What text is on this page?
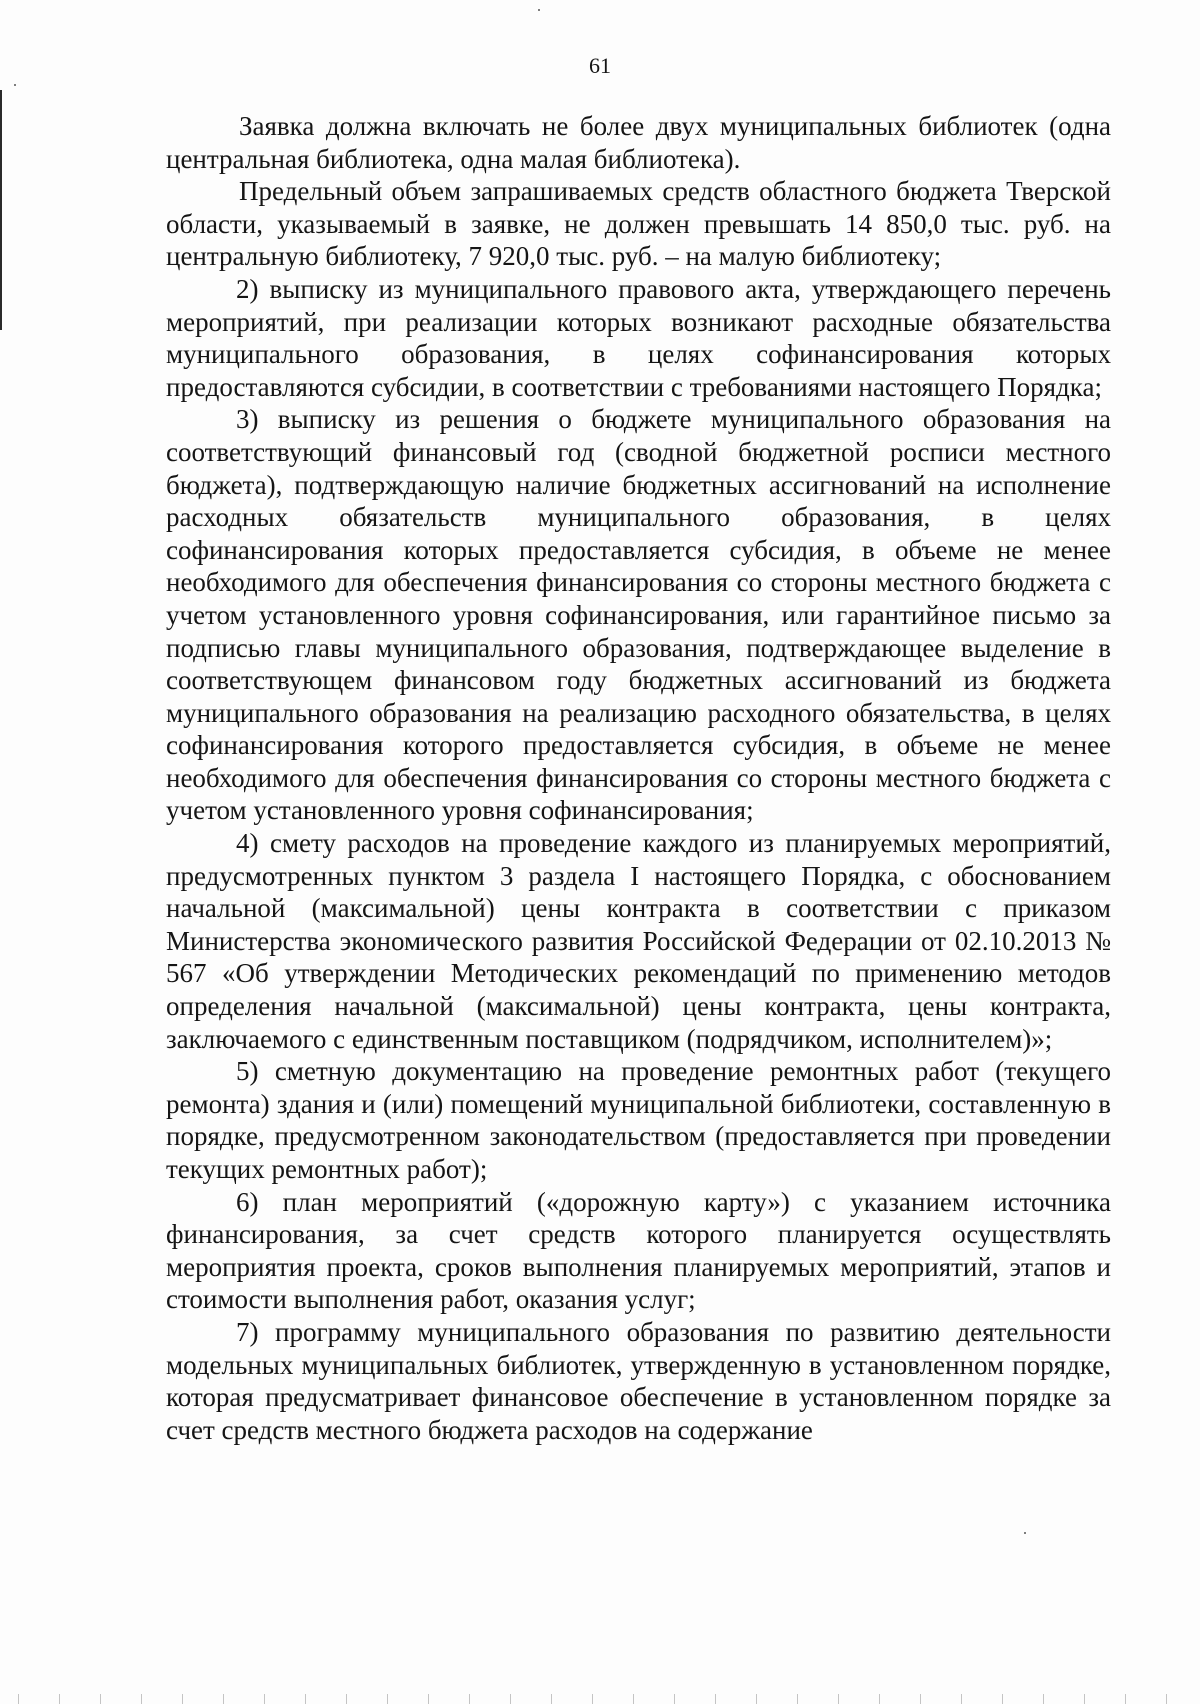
61

Заявка должна включать не более двух муниципальных библиотек (одна центральная библиотека, одна малая библиотека).

Предельный объем запрашиваемых средств областного бюджета Тверской области, указываемый в заявке, не должен превышать 14 850,0 тыс. руб. на центральную библиотеку, 7 920,0 тыс. руб. – на малую библиотеку;

2) выписку из муниципального правового акта, утверждающего перечень мероприятий, при реализации которых возникают расходные обязательства муниципального образования, в целях софинансирования которых предоставляются субсидии, в соответствии с требованиями настоящего Порядка;

3) выписку из решения о бюджете муниципального образования на соответствующий финансовый год (сводной бюджетной росписи местного бюджета), подтверждающую наличие бюджетных ассигнований на исполнение расходных обязательств муниципального образования, в целях софинансирования которых предоставляется субсидия, в объеме не менее необходимого для обеспечения финансирования со стороны местного бюджета с учетом установленного уровня софинансирования, или гарантийное письмо за подписью главы муниципального образования, подтверждающее выделение в соответствующем финансовом году бюджетных ассигнований из бюджета муниципального образования на реализацию расходного обязательства, в целях софинансирования которого предоставляется субсидия, в объеме не менее необходимого для обеспечения финансирования со стороны местного бюджета с учетом установленного уровня софинансирования;

4) смету расходов на проведение каждого из планируемых мероприятий, предусмотренных пунктом 3 раздела I настоящего Порядка, с обоснованием начальной (максимальной) цены контракта в соответствии с приказом Министерства экономического развития Российской Федерации от 02.10.2013 № 567 «Об утверждении Методических рекомендаций по применению методов определения начальной (максимальной) цены контракта, цены контракта, заключаемого с единственным поставщиком (подрядчиком, исполнителем)»;

5) сметную документацию на проведение ремонтных работ (текущего ремонта) здания и (или) помещений муниципальной библиотеки, составленную в порядке, предусмотренном законодательством (предоставляется при проведении текущих ремонтных работ);

6) план мероприятий («дорожную карту») с указанием источника финансирования, за счет средств которого планируется осуществлять мероприятия проекта, сроков выполнения планируемых мероприятий, этапов и стоимости выполнения работ, оказания услуг;

7) программу муниципального образования по развитию деятельности модельных муниципальных библиотек, утвержденную в установленном порядке, которая предусматривает финансовое обеспечение в установленном порядке за счет средств местного бюджета расходов на содержание
